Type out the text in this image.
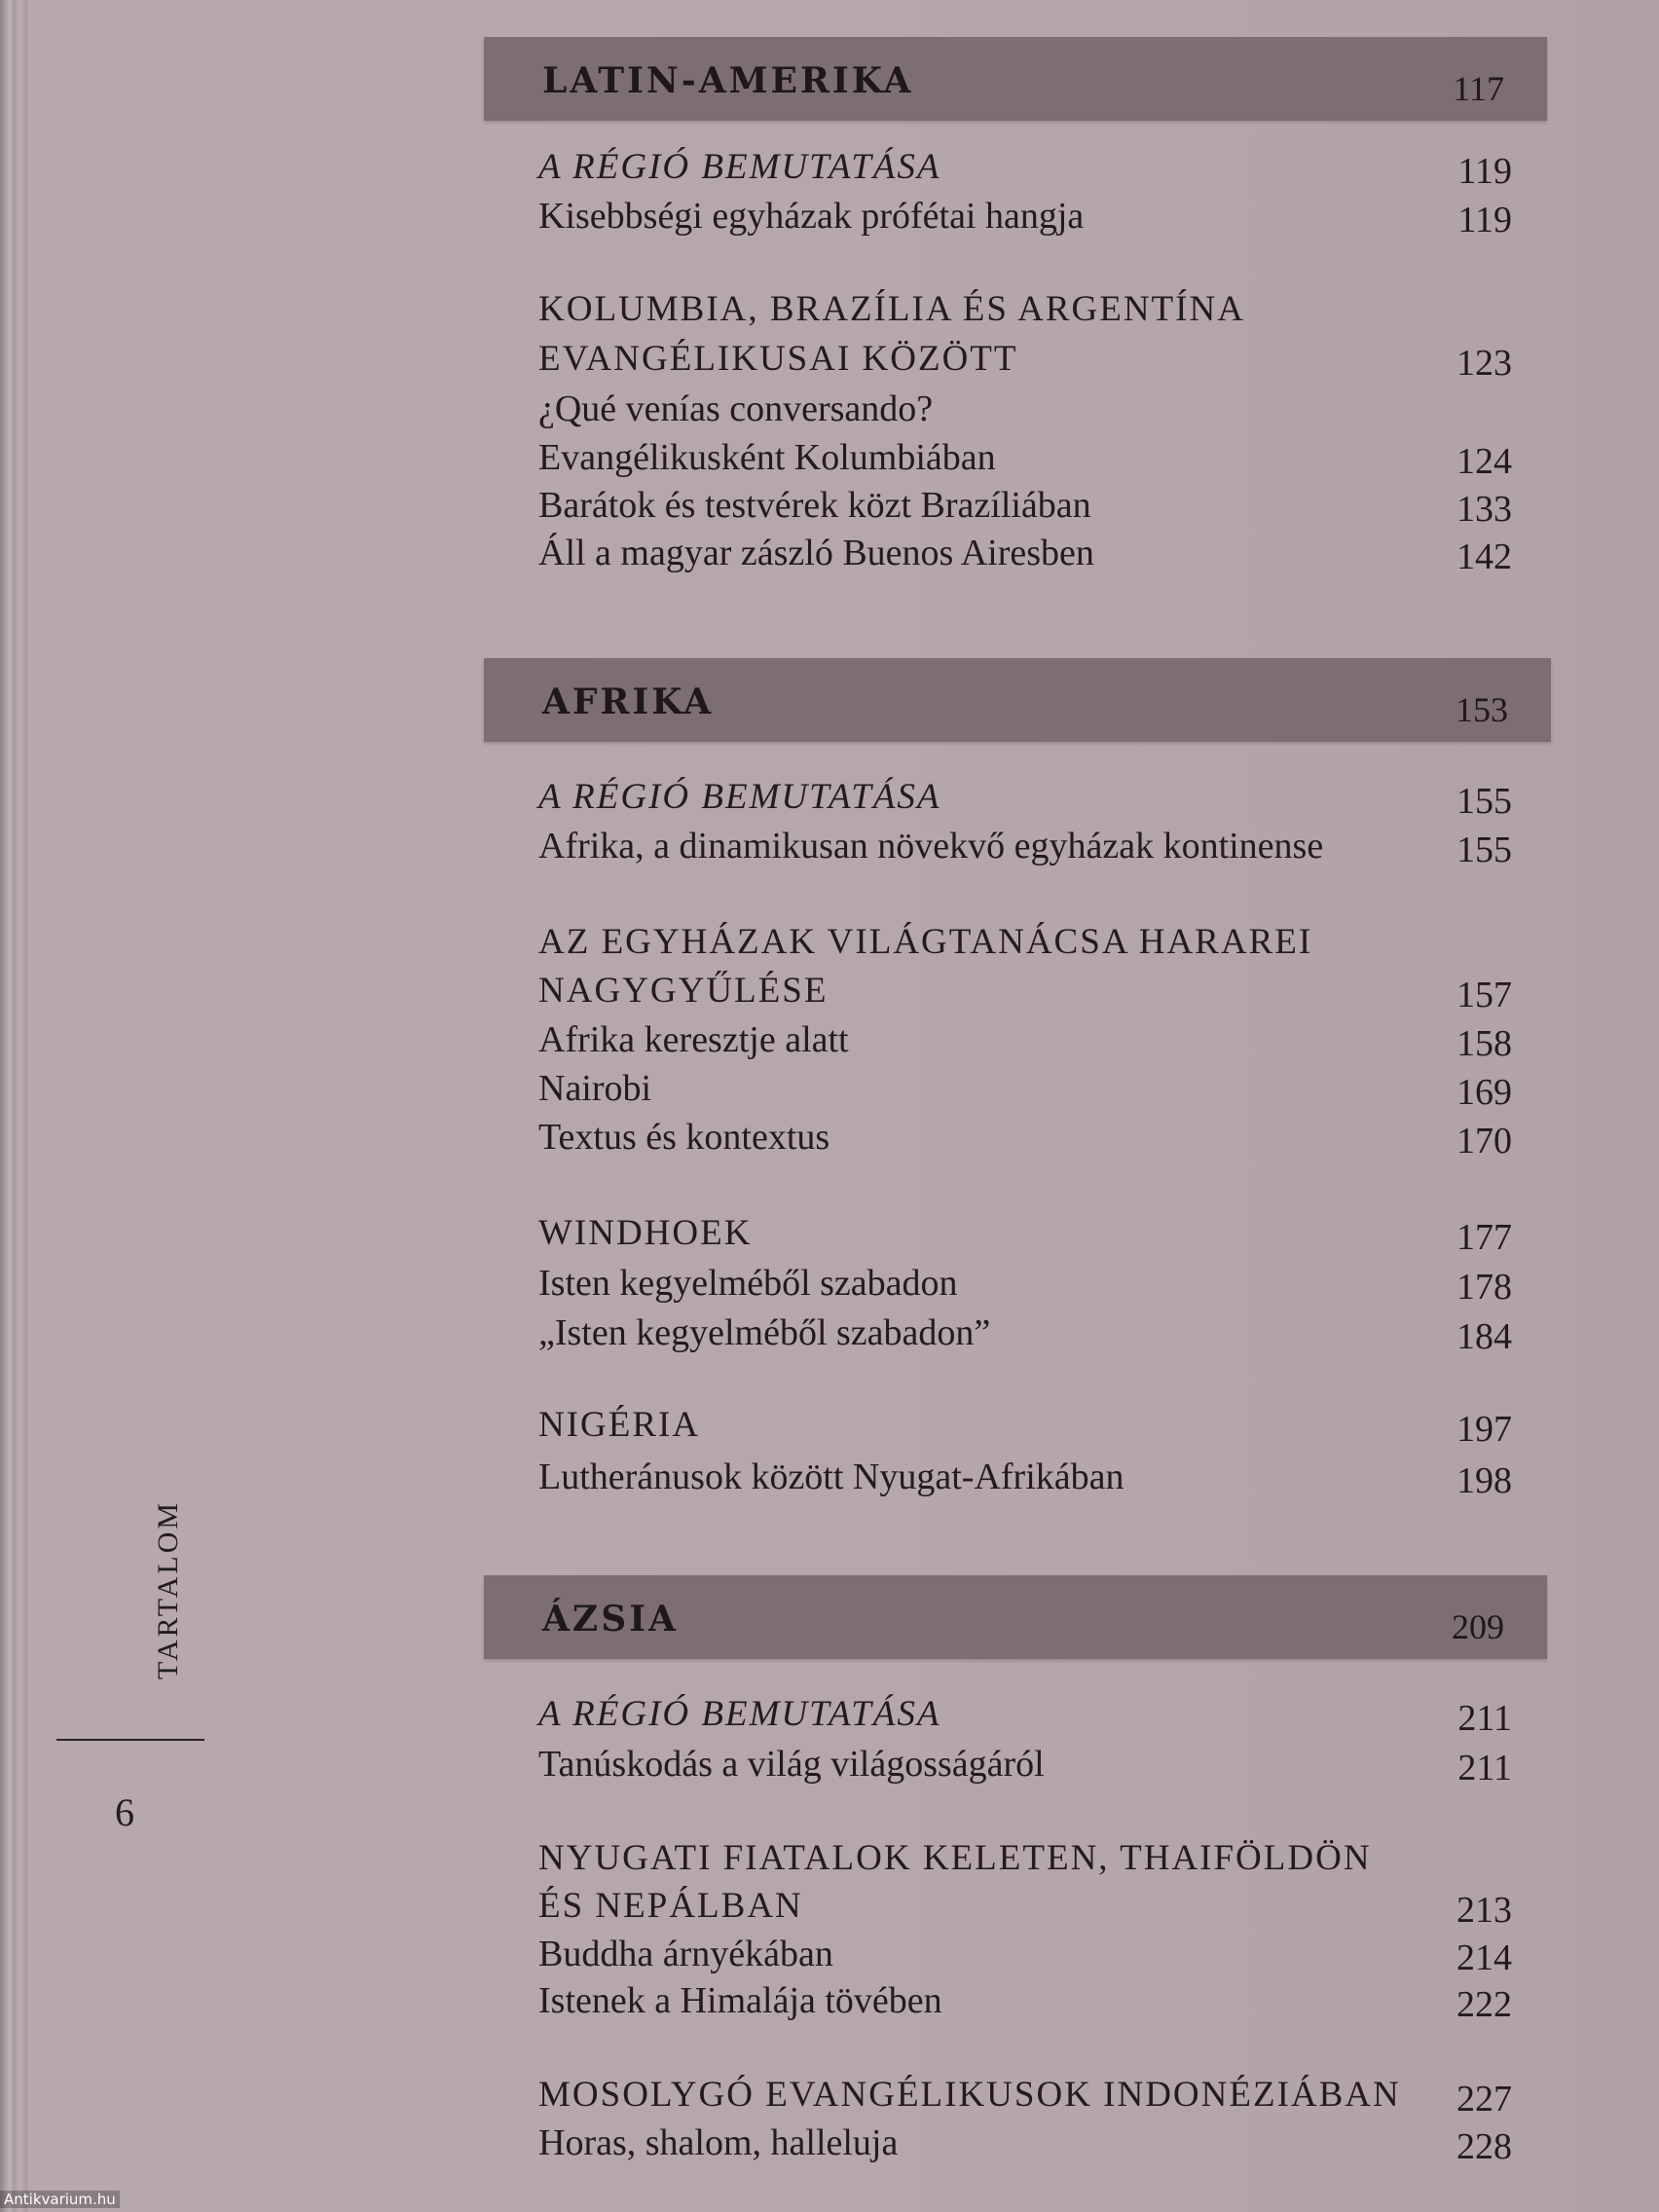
LATIN-AMERIKA	117
A RÉGIÓ BEMUTATÁSA	119
Kisebbségi egyházak prófétai hangja	119
KOLUMBIA, BRAZÍLIA ÉS ARGENTÍNA
EVANGÉLIKUSAI KÖZÖTT	123
¿Qué venías conversando?
Evangélikusként Kolumbiában	124
Barátok és testvérek közt Brazíliában	133
Áll a magyar zászló Buenos Airesben	142
AFRIKA	153
A RÉGIÓ BEMUTATÁSA	155
Afrika, a dinamikusan növekvő egyházak kontinense	155
AZ EGYHÁZAK VILÁGTANÁCSA HARAREI
NAGYGYŰLÉSE	157
Afrika keresztje alatt	158
Nairobi	169
Textus és kontextus	170
WINDHOEK	177
Isten kegyelméből szabadon	178
„Isten kegyelméből szabadon”	184
NIGÉRIA	197
Lutheránusok között Nyugat-Afrikában	198
ÁZSIA	209
A RÉGIÓ BEMUTATÁSA	211
Tanúskodás a világ világosságáról	211
NYUGATI FIATALOK KELETEN, THAIFÖLDÖN
ÉS NEPÁLBAN	213
Buddha árnyékában	214
Istenek a Himalája tövében	222
MOSOLYGÓ EVANGÉLIKUSOK INDONÉZIÁBAN 227
Horas, shalom, halleluja	228
TARTALOM
6
Antikvarium.hu
